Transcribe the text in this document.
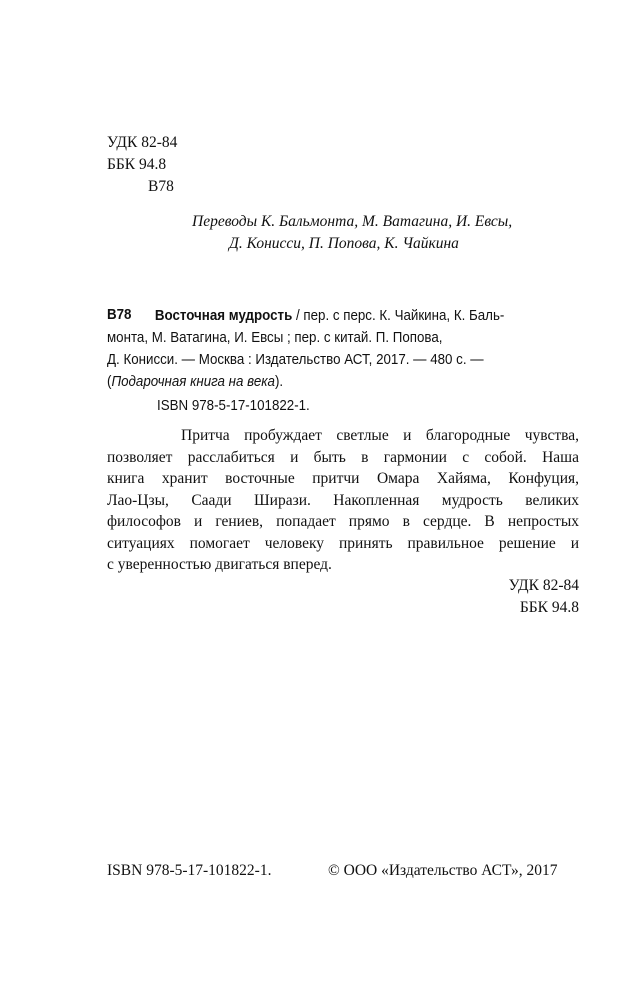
УДК 82-84
ББК 94.8
В78
Переводы К. Бальмонта, М. Ватагина, И. Евсы,
Д. Конисси, П. Попова, К. Чайкина
В78	Восточная мудрость / пер. с перс. К. Чайкина, К. Баль-
монта, М. Ватагина, И. Евсы ; пер. с китай. П. Попова,
Д. Конисси. — Москва : Издательство АСТ, 2017. — 480 с. —
(Подарочная книга на века).
ISBN 978-5-17-101822-1.
Притча пробуждает светлые и благородные чувства,
позволяет расслабиться и быть в гармонии с собой. Наша
книга хранит восточные притчи Омара Хайяма, Конфуция,
Лао-Цзы, Саади Ширази. Накопленная мудрость великих
философов и гениев, попадает прямо в сердце. В непростых
ситуациях помогает человеку принять правильное решение и
с уверенностью двигаться вперед.
УДК 82-84
ББК 94.8
ISBN 978-5-17-101822-1.	© ООО «Издательство АСТ», 2017
